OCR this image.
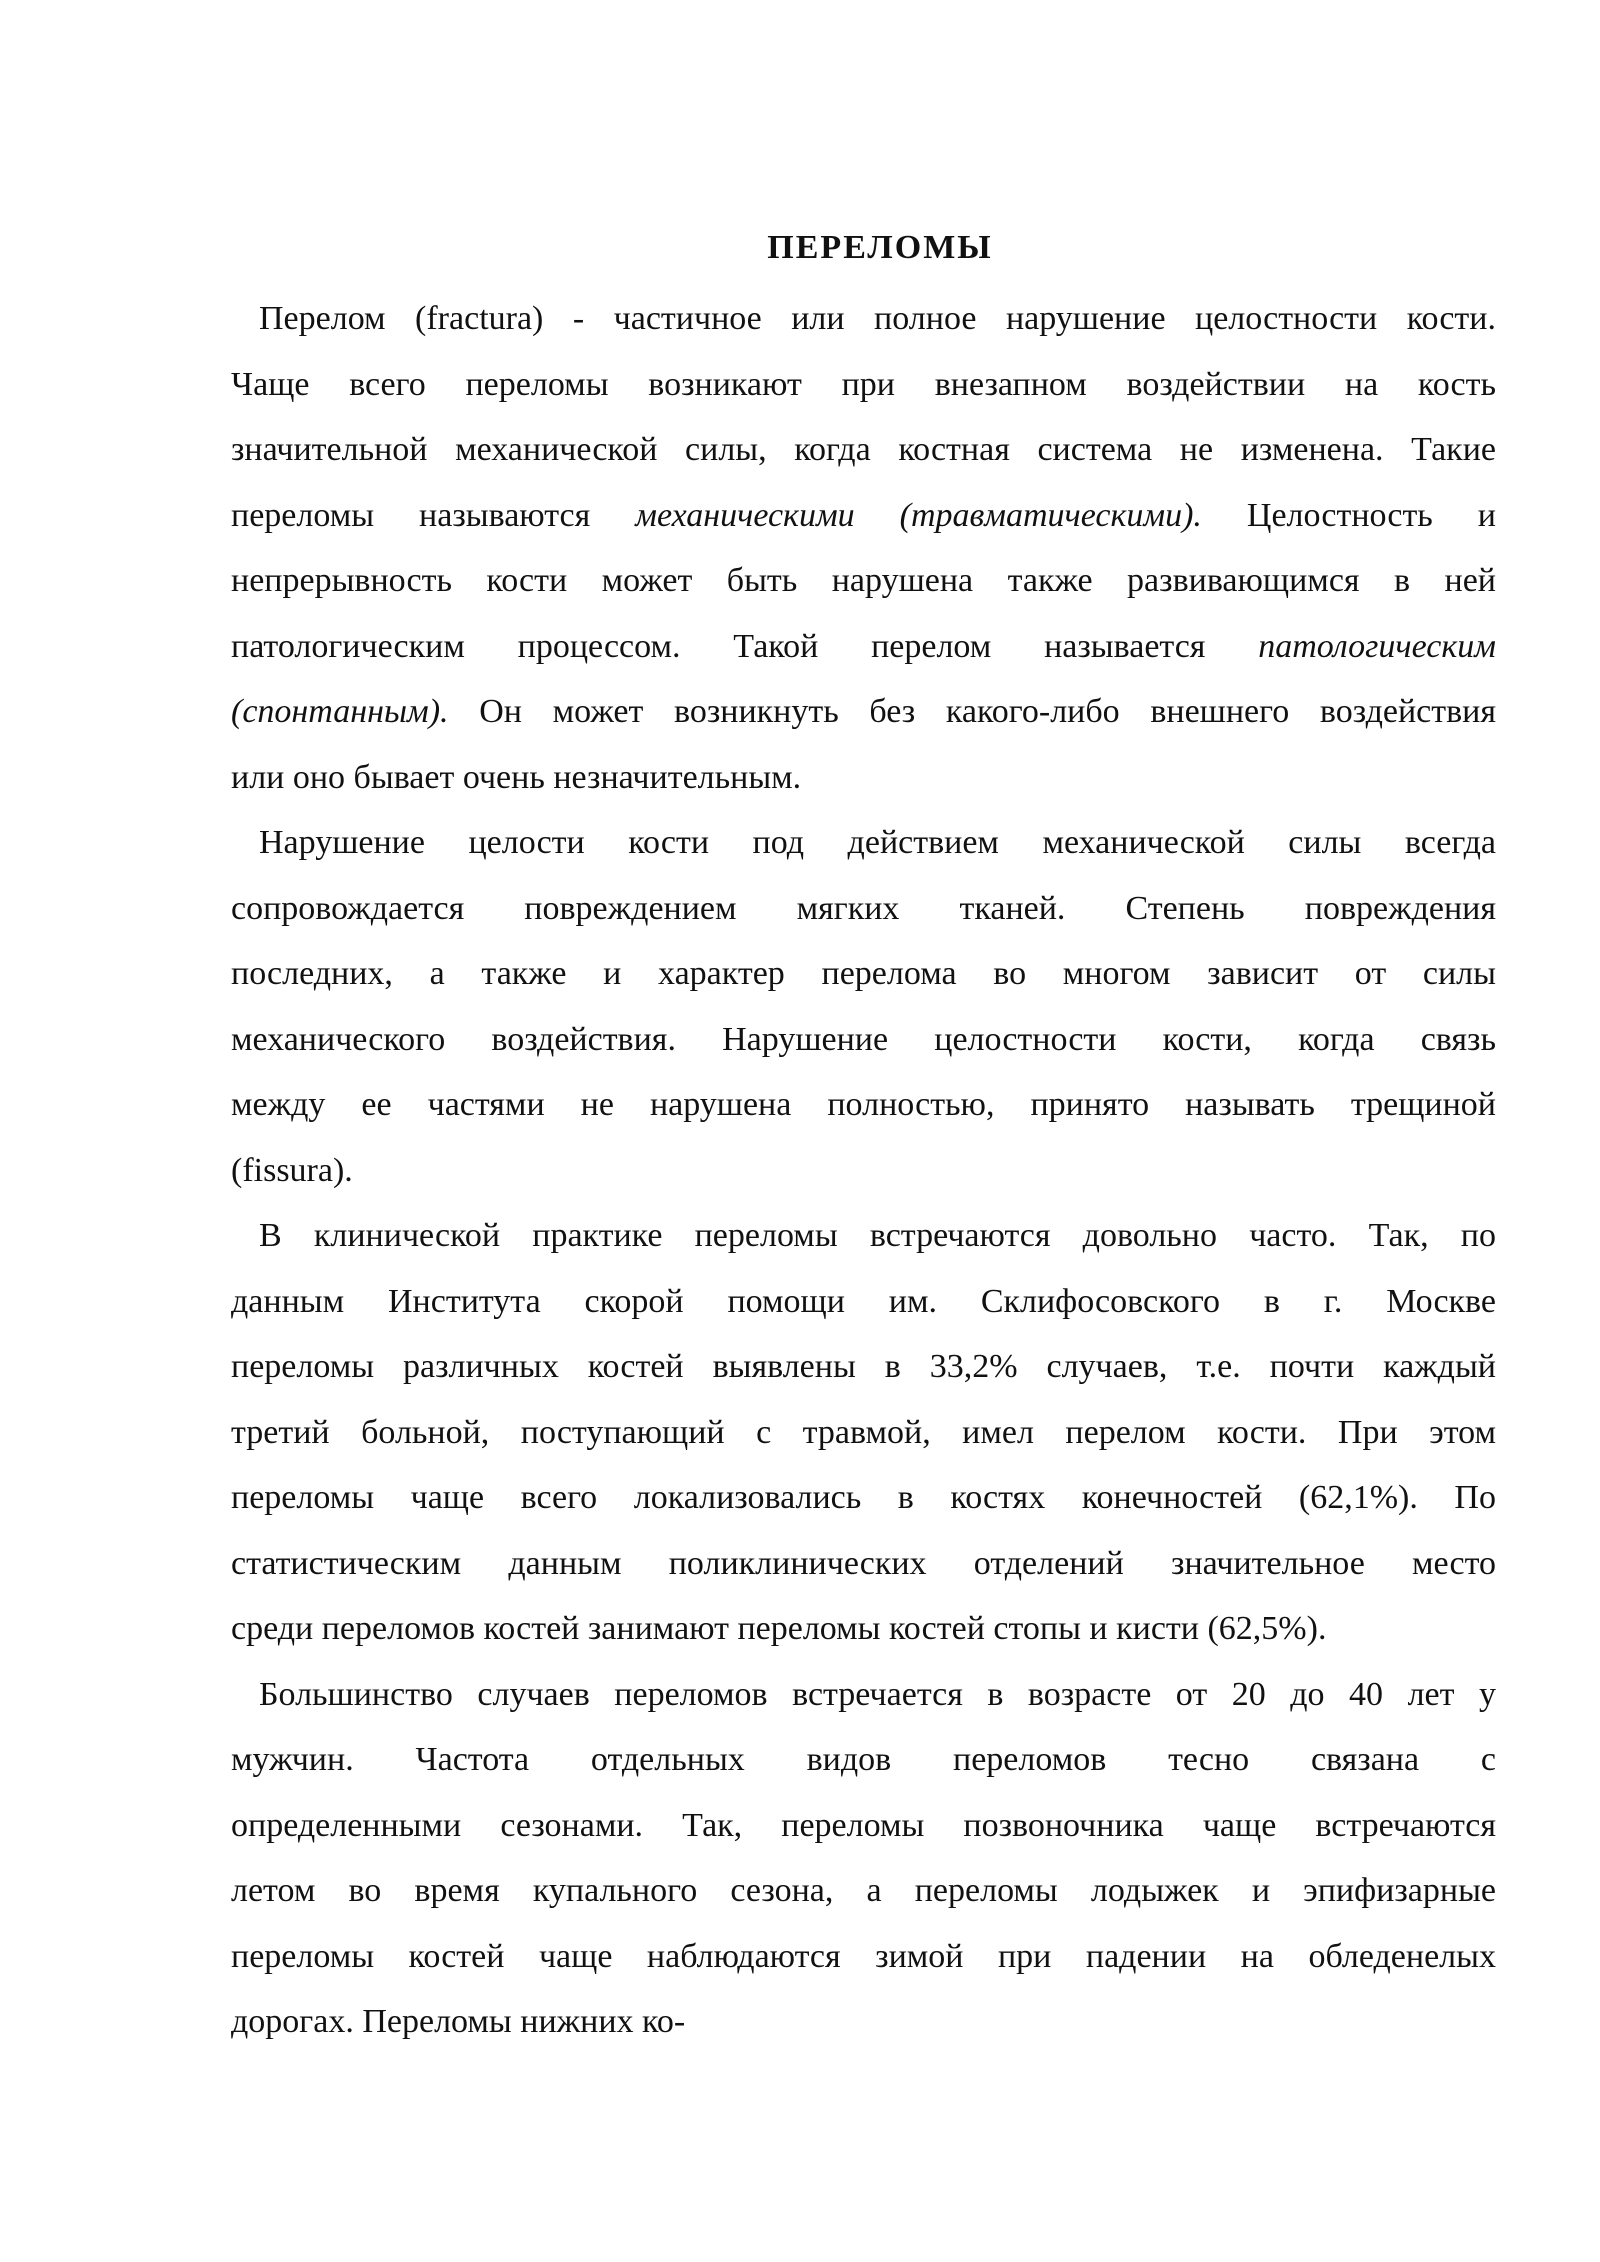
ПЕРЕЛОМЫ
Перелом (fractura) - частичное или полное нарушение целостности кости.
Чаще всего переломы возникают при внезапном воздействии на кость
значительной механической силы, когда костная система не изменена. Такие
переломы называются механическими (травматическими). Целостность и
непрерывность кости может быть нарушена также развивающимся в ней
патологическим процессом. Такой перелом называется патологическим
(спонтанным). Он может возникнуть без какого-либо внешнего воздействия
или оно бывает очень незначительным.
Нарушение целости кости под действием механической силы всегда
сопровождается повреждением мягких тканей. Степень повреждения
последних, а также и характер перелома во многом зависит от силы
механического воздействия. Нарушение целостности кости, когда связь
между ее частями не нарушена полностью, принято называть трещиной
(fissura).
В клинической практике переломы встречаются довольно часто. Так, по
данным Института скорой помощи им. Склифосовского в г. Москве
переломы различных костей выявлены в 33,2% случаев, т.е. почти каждый
третий больной, поступающий с травмой, имел перелом кости. При этом
переломы чаще всего локализовались в костях конечностей (62,1%). По
статистическим данным поликлинических отделений значительное место
среди переломов костей занимают переломы костей стопы и кисти (62,5%).
Большинство случаев переломов встречается в возрасте от 20 до 40 лет у
мужчин. Частота отдельных видов переломов тесно связана с
определенными сезонами. Так, переломы позвоночника чаще встречаются
летом во время купального сезона, а переломы лодыжек и эпифизарные
переломы костей чаще наблюдаются зимой при падении на обледенелых
дорогах. Переломы нижних ко-
